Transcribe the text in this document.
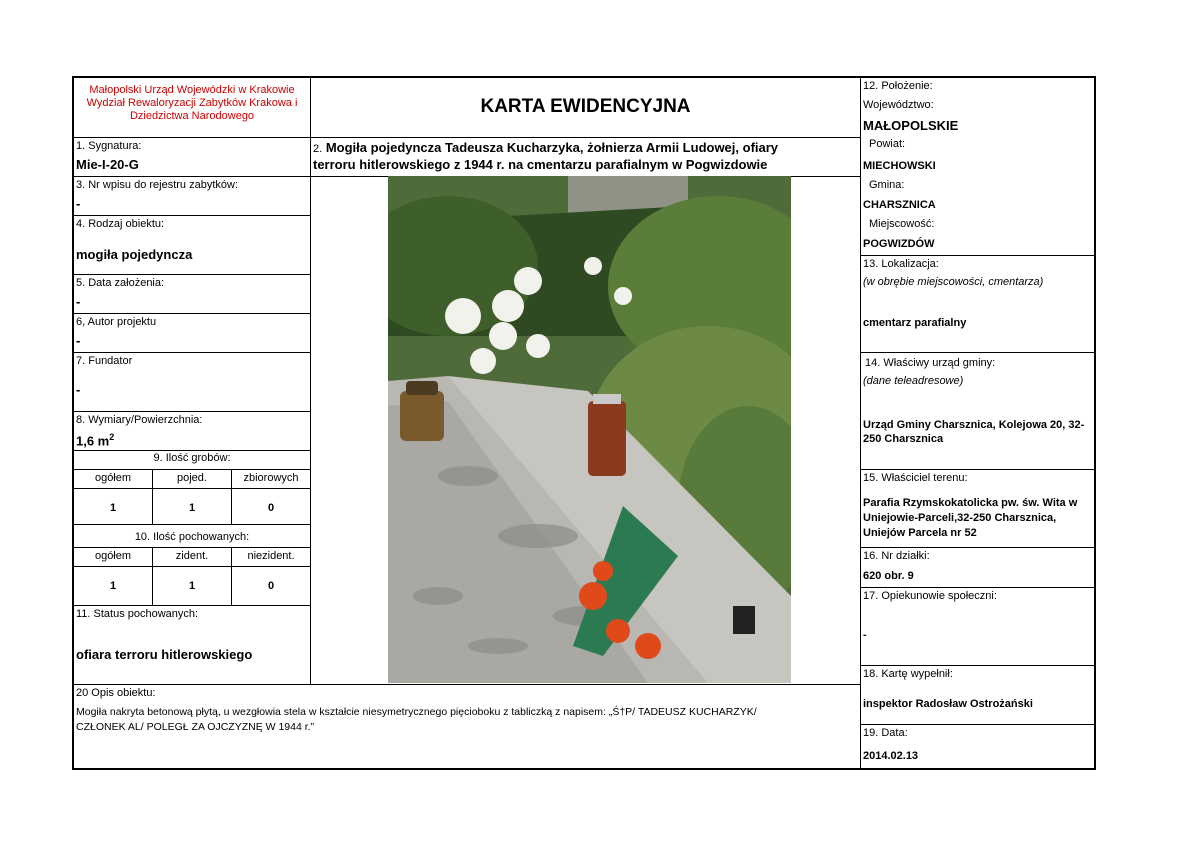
Małopolski Urząd Wojewódzki w Krakowie
Wydział Rewaloryzacji Zabytków Krakowa i
Dziedzictwa Narodowego	KARTA EWIDENCYJNA
2. Mogiła pojedyncza Tadeusza Kucharzyka, żołnierza Armii Ludowej, ofiary
terroru hitlerowskiego z 1944 r. na cmentarzu parafialnym w Pogwizdowie
1. Sygnatura:
Mie-I-20-G
3. Nr wpisu do rejestru zabytków:
-
4. Rodzaj obiektu:
mogiła pojedyncza
5. Data założenia:
-
6, Autor projektu
-
7. Fundator
-
8. Wymiary/Powierzchnia:
1,6 $m^2$
9. Ilość grobów:
ogółem	pojed.	zbiorowych
1	1	0
10. Ilość pochowanych:
ogółem	zident.	niezident.
1	1	0
11. Status pochowanych:
ofiara terroru hitlerowskiego
20 Opis obiektu:
Mogiła nakryta betonową płytą, u wezgłowia stela w kształcie niesymetrycznego pięcioboku z tabliczką z napisem: „Ś†P/ TADEUSZ KUCHARZYK/
CZŁONEK AL/ POLEGŁ ZA OJCZYZNĘ W 1944 r.”
12. Położenie:
Województwo:
MAŁOPOLSKIE
Powiat:
MIECHOWSKI
Gmina:
CHARSZNICA
Miejscowość:
POGWIZDÓW
13. Lokalizacja:
(w obrębie miejscowości, cmentarza)
cmentarz parafialny
14. Właściwy urząd gminy:
(dane teleadresowe)
Urząd Gminy Charsznica, Kolejowa 20, 32-
250 Charsznica
15. Właściciel terenu:
Parafia Rzymskokatolicka pw. św. Wita w
Uniejowie-Parceli,32-250 Charsznica,
Uniejów Parcela nr 52
16. Nr działki:
620 obr. 9
17. Opiekunowie społeczni:
-
18. Kartę wypełnił:
inspektor Radosław Ostrożański
19. Data:
2014.02.13
